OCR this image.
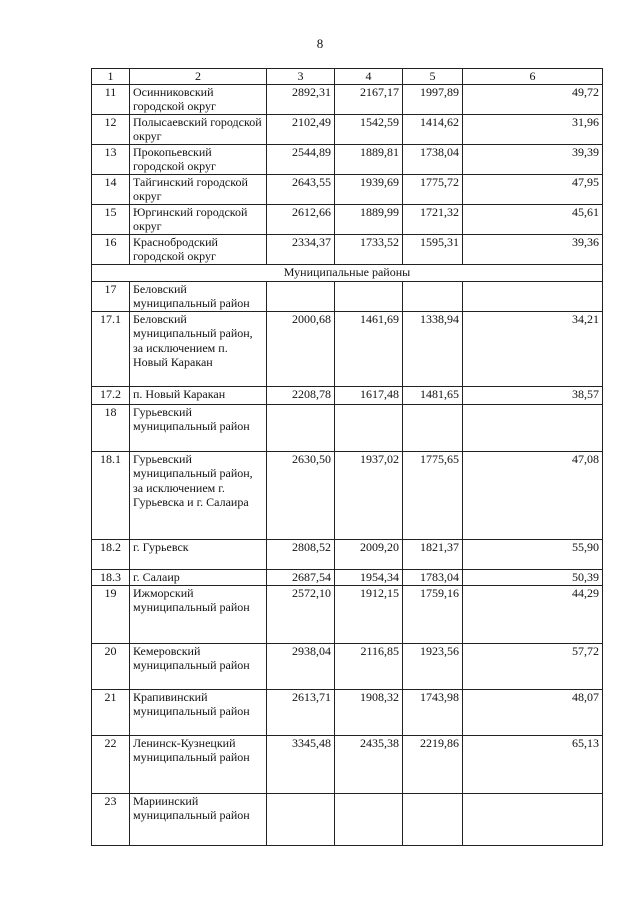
8
1	2	3	4	5	6
11	Осинниковский городской округ	2892,31	2167,17	1997,89	49,72
12	Полысаевский городской округ	2102,49	1542,59	1414,62	31,96
13	Прокопьевский городской округ	2544,89	1889,81	1738,04	39,39
14	Тайгинский городской округ	2643,55	1939,69	1775,72	47,95
15	Юргинский городской округ	2612,66	1889,99	1721,32	45,61
16	Краснобродский городской округ	2334,37	1733,52	1595,31	39,36
Муниципальные районы					
17	Беловский муниципальный район				
17.1	Беловский муниципальный район, за исключением п. Новый Каракан	2000,68	1461,69	1338,94	34,21
17.2	п. Новый Каракан	2208,78	1617,48	1481,65	38,57
18	Гурьевский муниципальный район				
18.1	Гурьевский муниципальный район, за исключением г. Гурьевска и г. Салаира	2630,50	1937,02	1775,65	47,08
18.2	г. Гурьевск	2808,52	2009,20	1821,37	55,90
18.3	г. Салаир	2687,54	1954,34	1783,04	50,39
19	Ижморский муниципальный район	2572,10	1912,15	1759,16	44,29
20	Кемеровский муниципальный район	2938,04	2116,85	1923,56	57,72
21	Крапивинский муниципальный район	2613,71	1908,32	1743,98	48,07
22	Ленинск-Кузнецкий муниципальный район	3345,48	2435,38	2219,86	65,13
23	Мариинский муниципальный район				
